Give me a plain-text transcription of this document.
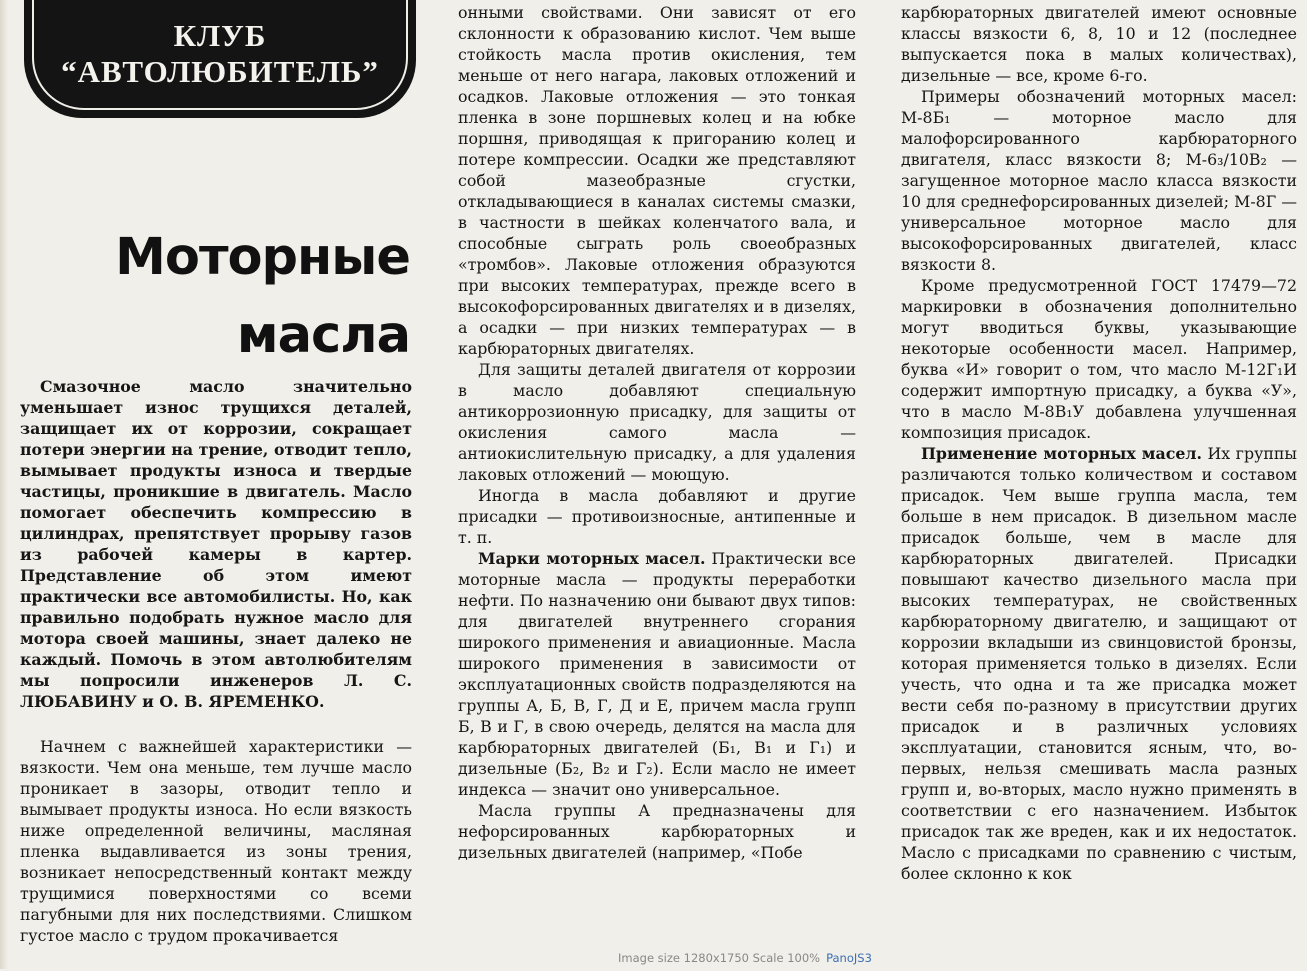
КЛУБ
“АВТОЛЮБИТЕЛЬ”
Моторные
масла

Смазочное масло значительно уменьшает износ трущихся деталей, защищает их от коррозии, сокращает потери энергии на трение, отводит тепло, вымывает продукты износа и твердые частицы, проникшие в двигатель. Масло помогает обеспечить компрессию в цилиндрах, препятствует прорыву газов из рабочей камеры в картер. Представление об этом имеют практически все автомобилисты. Но, как правильно подобрать нужное масло для мотора своей машины, знает далеко не каждый. Помочь в этом автолюбителям мы попросили инженеров Л. С. ЛЮБАВИНУ и О. В. ЯРЕМЕНКО.

Начнем с важнейшей характеристики — вязкости. Чем она меньше, тем лучше масло проникает в зазоры, отводит тепло и вымывает продукты износа. Но если вязкость ниже определенной величины, масляная пленка выдавливается из зоны трения, возникает непосредственный контакт между трущимися поверхностями со всеми пагубными для них последствиями. Слишком густое масло с трудом прокачивается

онными свойствами. Они зависят от его склонности к образованию кислот. Чем выше стойкость масла против окисления, тем меньше от него нагара, лаковых отложений и осадков. Лаковые отложения — это тонкая пленка в зоне поршневых колец и на юбке поршня, приводящая к пригоранию колец и потере компрессии. Осадки же представляют собой мазеобразные сгустки, откладывающиеся в каналах системы смазки, в частности в шейках коленчатого вала, и способные сыграть роль своеобразных «тромбов». Лаковые отложения образуются при высоких температурах, прежде всего в высокофорсированных двигателях и в дизелях, а осадки — при низких температурах — в карбюраторных двигателях.

Для защиты деталей двигателя от коррозии в масло добавляют специальную антикоррозионную присадку, для защиты от окисления самого масла — антиокислительную присадку, а для удаления лаковых отложений — моющую.

Иногда в масла добавляют и другие присадки — противоизносные, антипенные и т. п.

Марки моторных масел. Практически все моторные масла — продукты переработки нефти. По назначению они бывают двух типов: для двигателей внутреннего сгорания широкого применения и авиационные. Масла широкого применения в зависимости от эксплуатационных свойств подразделяются на группы А, Б, В, Г, Д и Е, причем масла групп Б, В и Г, в свою очередь, делятся на масла для карбюраторных двигателей (Б₁, В₁ и Г₁) и дизельные (Б₂, В₂ и Г₂). Если масло не имеет индекса — значит оно универсальное.

Масла группы А предназначены для нефорсированных карбюраторных и дизельных двигателей (например, «Побе

карбюраторных двигателей имеют основные классы вязкости 6, 8, 10 и 12 (последнее выпускается пока в малых количествах), дизельные — все, кроме 6-го.

Примеры обозначений моторных масел: М-8Б₁ — моторное масло для малофорсированного карбюраторного двигателя, класс вязкости 8; М-6₃/10В₂ — загущенное моторное масло класса вязкости 10 для среднефорсированных дизелей; М-8Г — универсальное моторное масло для высокофорсированных двигателей, класс вязкости 8.

Кроме предусмотренной ГОСТ 17479—72 маркировки в обозначения дополнительно могут вводиться буквы, указывающие некоторые особенности масел. Например, буква «И» говорит о том, что масло М-12Г₁И содержит импортную присадку, а буква «У», что в масло М-8В₁У добавлена улучшенная композиция присадок.

Применение моторных масел. Их группы различаются только количеством и составом присадок. Чем выше группа масла, тем больше в нем присадок. В дизельном масле присадок больше, чем в масле для карбюраторных двигателей. Присадки повышают качество дизельного масла при высоких температурах, не свойственных карбюраторному двигателю, и защищают от коррозии вкладыши из свинцовистой бронзы, которая применяется только в дизелях. Если учесть, что одна и та же присадка может вести себя по-разному в присутствии других присадок и в различных условиях эксплуатации, становится ясным, что, во-первых, нельзя смешивать масла разных групп и, во-вторых, масло нужно применять в соответствии с его назначением. Избыток присадок так же вреден, как и их недостаток. Масло с присадками по сравнению с чистым, более склонно к кок

Image size 1280x1750 Scale 100% PanoJS3
